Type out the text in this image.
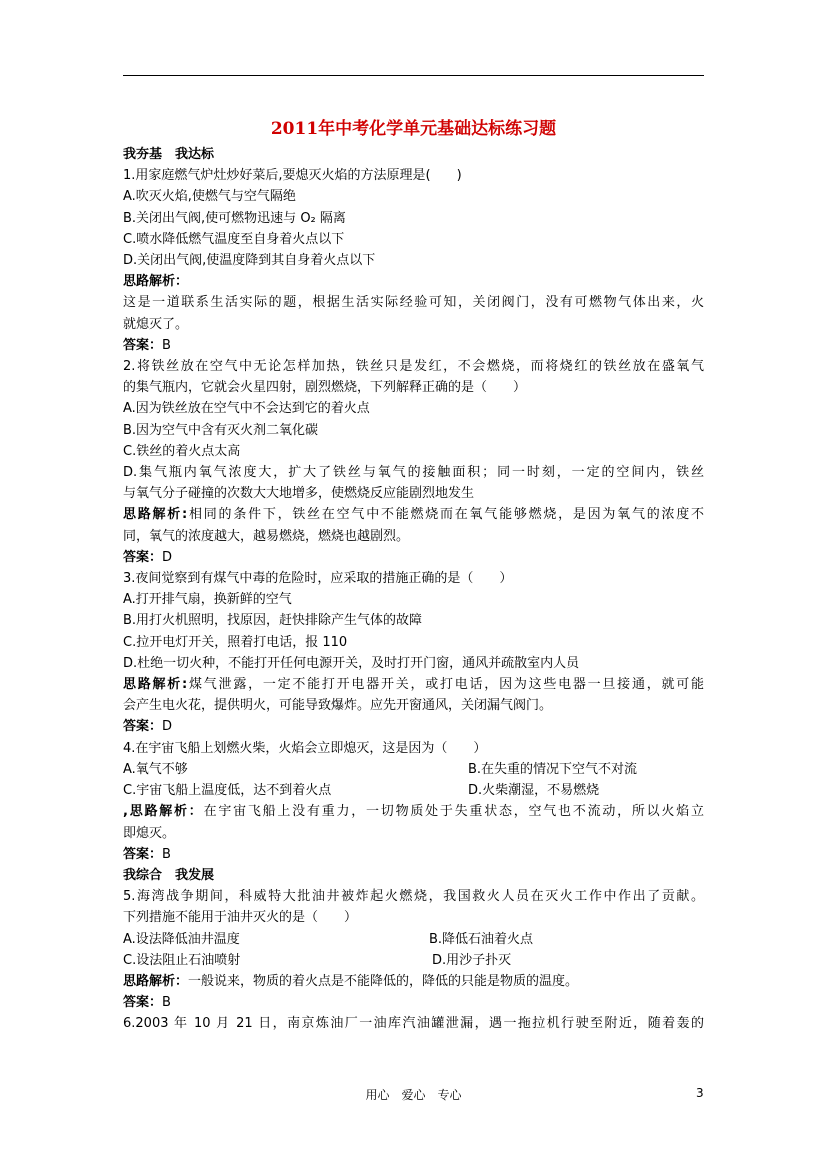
2011年中考化学单元基础达标练习题
我夯基　我达标
1.用家庭燃气炉灶炒好菜后,要熄灭火焰的方法原理是(　　)
A.吹灭火焰,使燃气与空气隔绝
B.关闭出气阀,使可燃物迅速与 O₂ 隔离
C.喷水降低燃气温度至自身着火点以下
D.关闭出气阀,使温度降到其自身着火点以下
思路解析：
这是一道联系生活实际的题，根据生活实际经验可知，关闭阀门，没有可燃物气体出来，火
就熄灭了。
答案：B
2.将铁丝放在空气中无论怎样加热，铁丝只是发红，不会燃烧，而将烧红的铁丝放在盛氧气
的集气瓶内，它就会火星四射，剧烈燃烧，下列解释正确的是（　　）
A.因为铁丝放在空气中不会达到它的着火点
B.因为空气中含有灭火剂二氧化碳
C.铁丝的着火点太高
D.集气瓶内氧气浓度大，扩大了铁丝与氧气的接触面积；同一时刻，一定的空间内，铁丝
与氧气分子碰撞的次数大大地增多，使燃烧反应能剧烈地发生
思路解析:相同的条件下，铁丝在空气中不能燃烧而在氧气能够燃烧，是因为氧气的浓度不
同，氧气的浓度越大，越易燃烧，燃烧也越剧烈。
答案：D
3.夜间觉察到有煤气中毒的危险时，应采取的措施正确的是（　　）
A.打开排气扇，换新鲜的空气
B.用打火机照明，找原因，赶快排除产生气体的故障
C.拉开电灯开关，照着打电话，报 110
D.杜绝一切火种，不能打开任何电源开关，及时打开门窗，通风并疏散室内人员
思路解析:煤气泄露，一定不能打开电器开关，或打电话，因为这些电器一旦接通，就可能
会产生电火花，提供明火，可能导致爆炸。应先开窗通风，关闭漏气阀门。
答案：D
4.在宇宙飞船上划燃火柴，火焰会立即熄灭，这是因为（　　）
A.氧气不够	B.在失重的情况下空气不对流
C.宇宙飞船上温度低，达不到着火点	D.火柴潮湿，不易燃烧
,思路解析：在宇宙飞船上没有重力，一切物质处于失重状态，空气也不流动，所以火焰立
即熄灭。
答案：B
我综合　我发展
5.海湾战争期间，科威特大批油井被炸起火燃烧，我国救火人员在灭火工作中作出了贡献。
下列措施不能用于油井灭火的是（　　）
A.设法降低油井温度	B.降低石油着火点
C.设法阻止石油喷射	D.用沙子扑灭
思路解析：一般说来，物质的着火点是不能降低的，降低的只能是物质的温度。
答案：B
6.2003 年 10 月 21 日，南京炼油厂一油库汽油罐泄漏，遇一拖拉机行驶至附近，随着轰的
用心　爱心　专心	3
